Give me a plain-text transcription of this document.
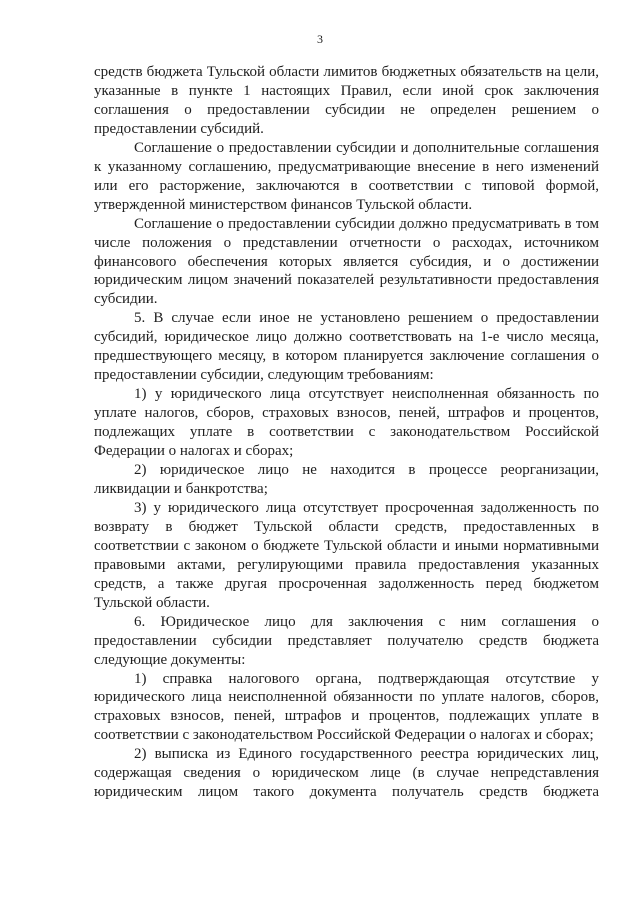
3

средств бюджета Тульской области лимитов бюджетных обязательств на цели, указанные в пункте 1 настоящих Правил, если иной срок заключения соглашения о предоставлении субсидии не определен решением о предоставлении субсидий.

Соглашение о предоставлении субсидии и дополнительные соглашения к указанному соглашению, предусматривающие внесение в него изменений или его расторжение, заключаются в соответствии с типовой формой, утвержденной министерством финансов Тульской области.

Соглашение о предоставлении субсидии должно предусматривать в том числе положения о представлении отчетности о расходах, источником финансового обеспечения которых является субсидия, и о достижении юридическим лицом значений показателей результативности предоставления субсидии.

5. В случае если иное не установлено решением о предоставлении субсидий, юридическое лицо должно соответствовать на 1-е число месяца, предшествующего месяцу, в котором планируется заключение соглашения о предоставлении субсидии, следующим требованиям:

1) у юридического лица отсутствует неисполненная обязанность по уплате налогов, сборов, страховых взносов, пеней, штрафов и процентов, подлежащих уплате в соответствии с законодательством Российской Федерации о налогах и сборах;

2) юридическое лицо не находится в процессе реорганизации, ликвидации и банкротства;

3) у юридического лица отсутствует просроченная задолженность по возврату в бюджет Тульской области средств, предоставленных в соответствии с законом о бюджете Тульской области и иными нормативными правовыми актами, регулирующими правила предоставления указанных средств, а также другая просроченная задолженность перед бюджетом Тульской области.

6. Юридическое лицо для заключения с ним соглашения о предоставлении субсидии представляет получателю средств бюджета следующие документы:

1) справка налогового органа, подтверждающая отсутствие у юридического лица неисполненной обязанности по уплате налогов, сборов, страховых взносов, пеней, штрафов и процентов, подлежащих уплате в соответствии с законодательством Российской Федерации о налогах и сборах;

2) выписка из Единого государственного реестра юридических лиц, содержащая сведения о юридическом лице (в случае непредставления юридическим лицом такого документа получатель средств бюджета
